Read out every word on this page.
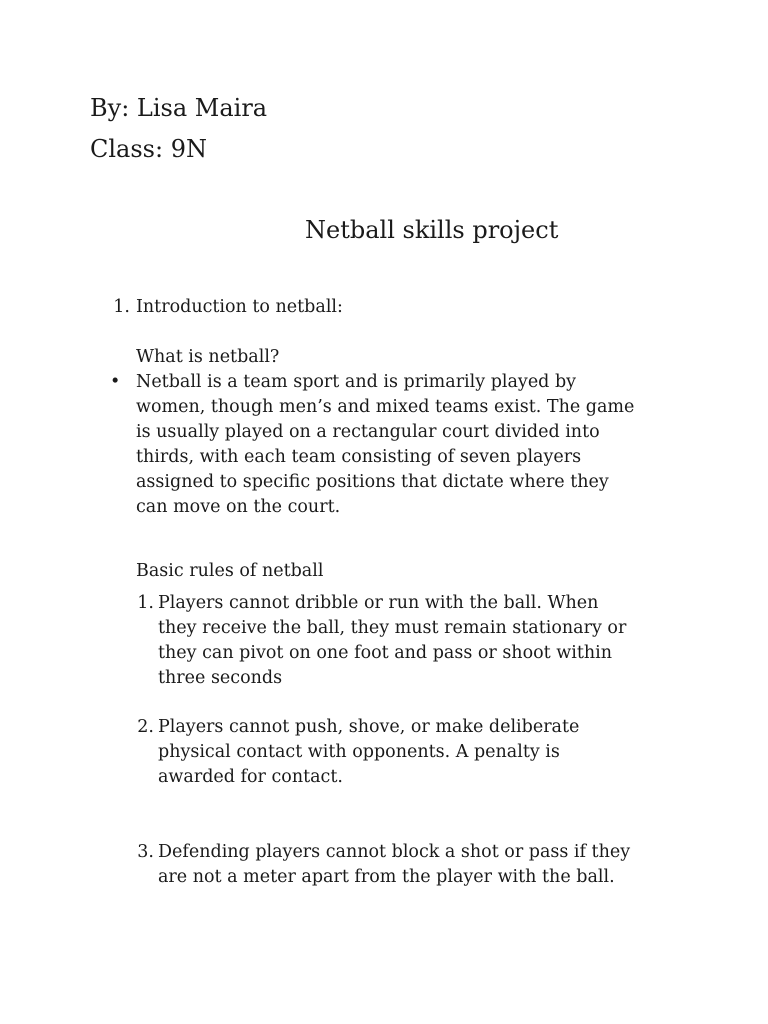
By: Lisa Maira
Class: 9N
Netball skills project
1. Introduction to netball:
What is netball?
• Netball is a team sport and is primarily played by
women, though men’s and mixed teams exist. The game
is usually played on a rectangular court divided into
thirds, with each team consisting of seven players
assigned to specific positions that dictate where they
can move on the court.
Basic rules of netball
1. Players cannot dribble or run with the ball. When
they receive the ball, they must remain stationary or
they can pivot on one foot and pass or shoot within
three seconds
2. Players cannot push, shove, or make deliberate
physical contact with opponents. A penalty is
awarded for contact.
3. Defending players cannot block a shot or pass if they
are not a meter apart from the player with the ball.
